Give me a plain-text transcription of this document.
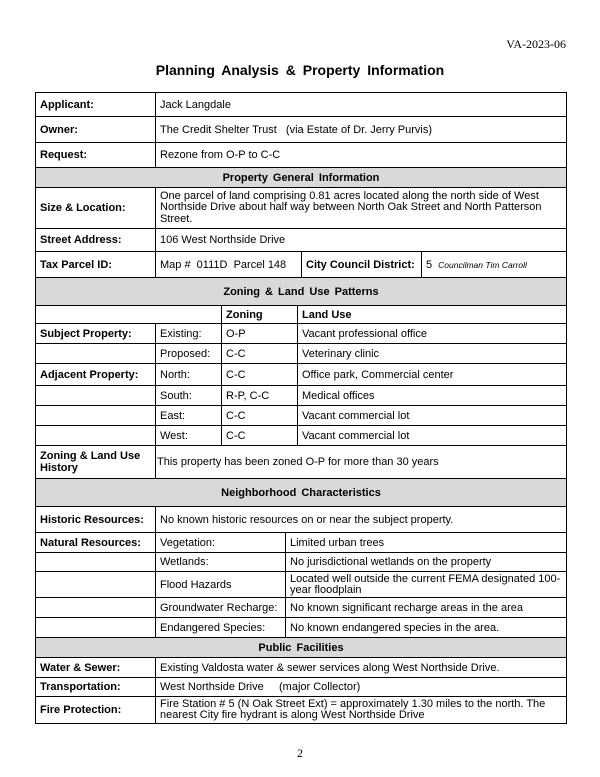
VA-2023-06
Planning Analysis & Property Information
Applicant:	Jack Langdale
Owner:	The Credit Shelter Trust   (via Estate of Dr. Jerry Purvis)
Request:	Rezone from O-P to C-C
Property General Information
Size & Location:
One parcel of land comprising 0.81 acres located along the north side of West Northside Drive about half way between North Oak Street and North Patterson Street.
Street Address:	106 West Northside Drive
Tax Parcel ID:	Map #  0111D  Parcel 148	City Council District:	5 Councilman Tim Carroll
Zoning & Land Use Patterns
Zoning	Land Use
Subject Property:	Existing:	O-P	Vacant professional office
Proposed:	C-C	Veterinary clinic
Adjacent Property:	North:	C-C	Office park, Commercial center
South:	R-P, C-C	Medical offices
East:	C-C	Vacant commercial lot
West:	C-C	Vacant commercial lot
Zoning & Land Use History	This property has been zoned O-P for more than 30 years
Neighborhood Characteristics
Historic Resources:	No known historic resources on or near the subject property.
Natural Resources:	Vegetation:	Limited urban trees
Wetlands:	No jurisdictional wetlands on the property
Flood Hazards	Located well outside the current FEMA designated 100-year floodplain
Groundwater Recharge:	No known significant recharge areas in the area
Endangered Species:	No known endangered species in the area.
Public Facilities
Water & Sewer:	Existing Valdosta water & sewer services along West Northside Drive.
Transportation:	West Northside Drive     (major Collector)
Fire Protection:
Fire Station # 5 (N Oak Street Ext) = approximately 1.30 miles to the north. The nearest City fire hydrant is along West Northside Drive
2
